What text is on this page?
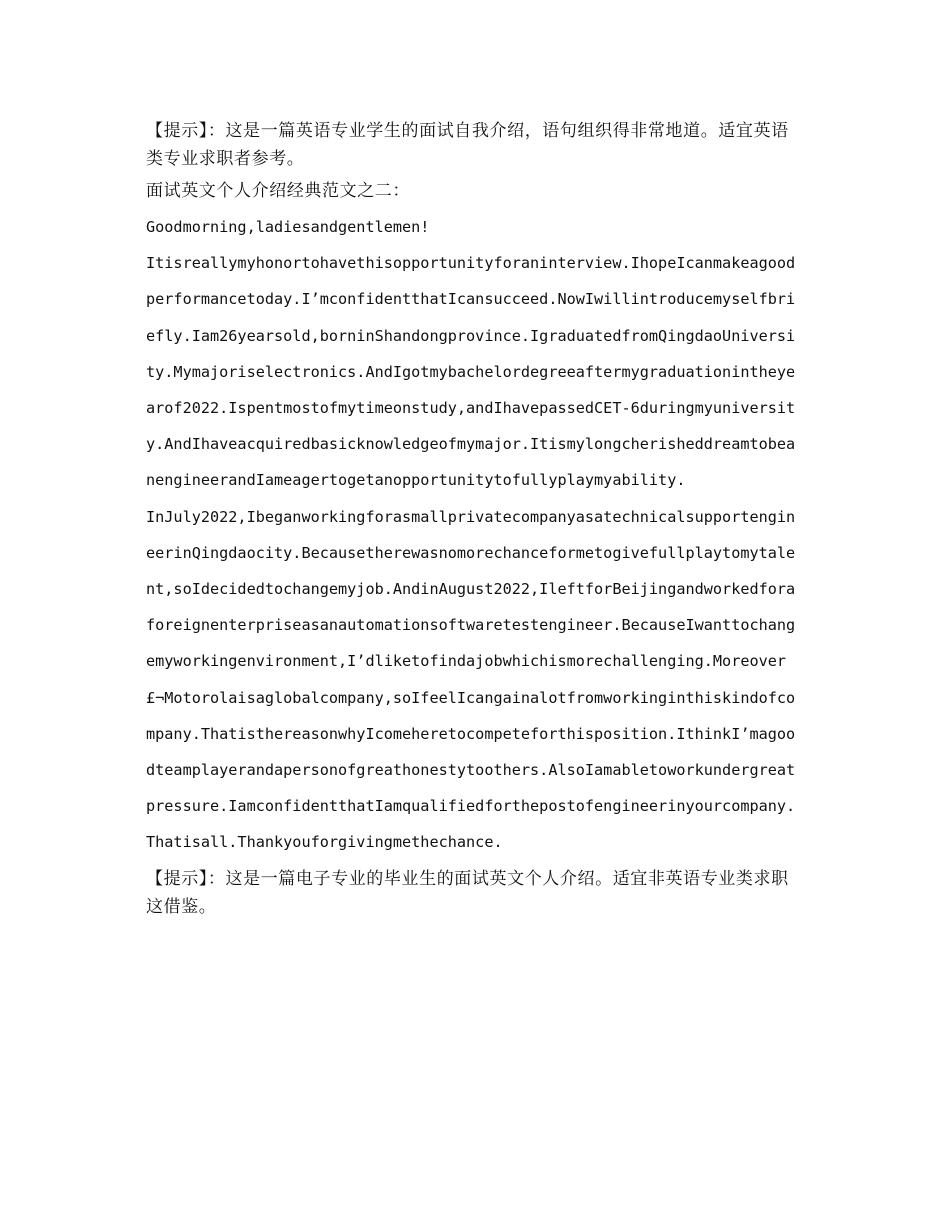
【提示】：这是一篇英语专业学生的面试自我介绍，语句组织得非常地道。适宜英语类专业求职者参考。

面试英文个人介绍经典范文之二：

Goodmorning,ladiesandgentlemen!

Itisreallymyhonortohavethisopportunityforaninterview.IhopeIcanmakeagoodperformancetoday.I’mconfidentthatIcansucceed.NowIwillintroducemyselfbriefly.Iam26yearsold,borninShandongprovince.IgraduatedfromQingdaoUniversity.Mymajoriselectronics.AndIgotmybachelordegreeaftermygraduationintheyearof2022.Ispentmostofmytimeonstudy,andIhavepassedCET-6duringmyuniversity.AndIhaveacquiredbasicknowledgeofmymajor.ItismylongcherisheddreamtobeanengineerandIameagertogetanopportunitytofullyplaymyability.

InJuly2022,IbeganworkingforasmallprivatecompanyasatechnicalsupportengineerinQingdaocity.Becausetherewasnomorechanceformetogivefullplaytomytalent,soIdecidedtochangemyjob.AndinAugust2022,IleftforBeijingandworkedforaforeignenterpriseasanautomationsoftwaretestengineer.BecauseIwanttochangemyworkingenvironment,I’dliketofindajobwhichismorechallenging.Moreover£¬Motorolaisaglobalcompany,soIfeelIcangainalotfromworkinginthiskindofcompany.ThatisthereasonwhyIcomeheretocompeteforthisposition.IthinkI’magoodteamplayerandapersonofgreathonestytoothers.AlsoIamabletoworkundergreatpressure.IamconfidentthatIamqualifiedforthepostofengineerinyourcompany.

Thatisall.Thankyouforgivingmethechance.

【提示】：这是一篇电子专业的毕业生的面试英文个人介绍。适宜非英语专业类求职这借鉴。
